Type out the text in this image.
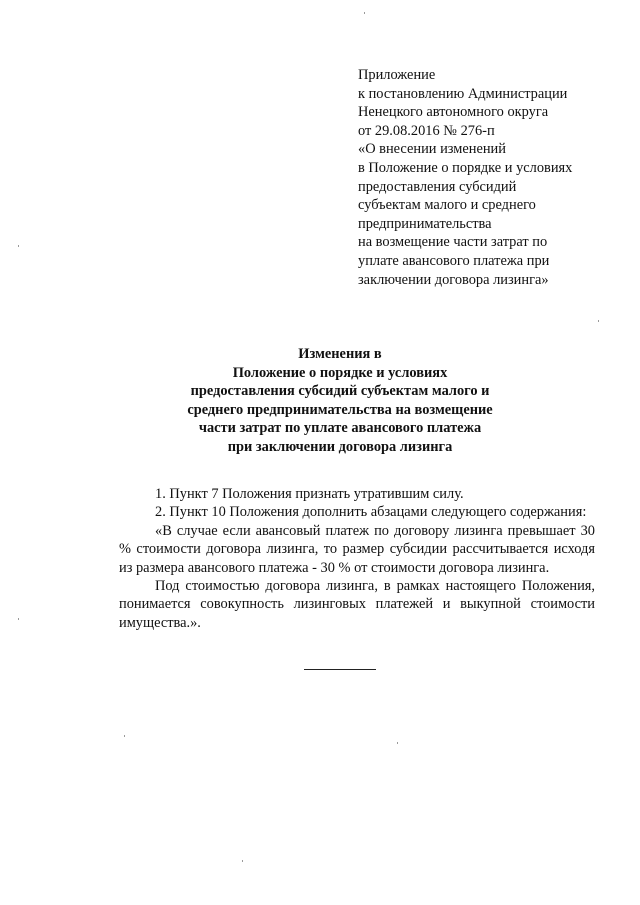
Приложение
к постановлению Администрации
Ненецкого автономного округа
от 29.08.2016 № 276-п
«О внесении изменений
в Положение о порядке и условиях
предоставления субсидий
субъектам малого и среднего
предпринимательства
на возмещение части затрат по
уплате авансового платежа при
заключении договора лизинга»
Изменения в
Положение о порядке и условиях
предоставления субсидий субъектам малого и
среднего предпринимательства на возмещение
части затрат по уплате авансового платежа
при заключении договора лизинга

1. Пункт 7 Положения признать утратившим силу.

2. Пункт 10 Положения дополнить абзацами следующего содержания:

«В случае если авансовый платеж по договору лизинга превышает 30 % стоимости договора лизинга, то размер субсидии рассчитывается исходя из размера авансового платежа - 30 % от стоимости договора лизинга.

Под стоимостью договора лизинга, в рамках настоящего Положения, понимается совокупность лизинговых платежей и выкупной стоимости имущества.».
